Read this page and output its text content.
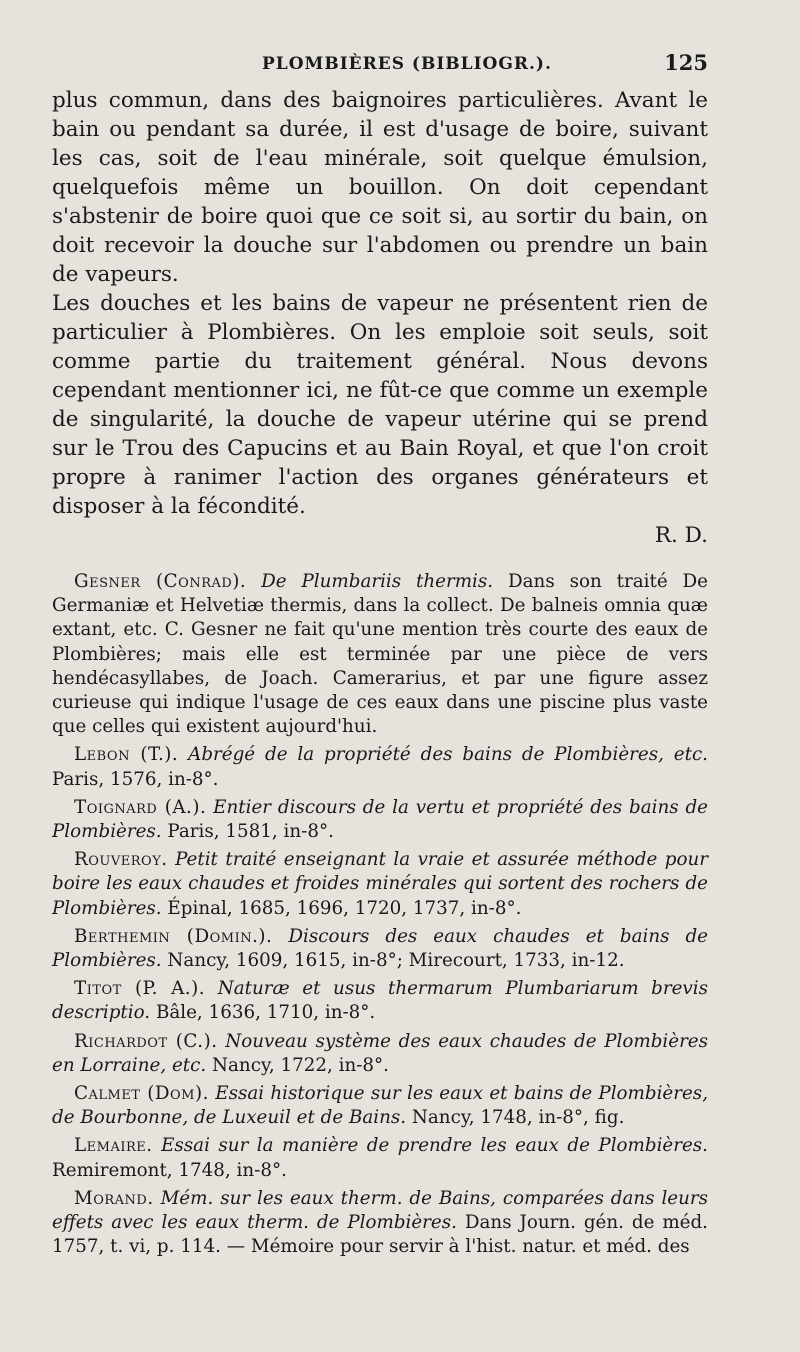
PLOMBIÈRES (BIBLIOGR.).	125

plus commun, dans des baignoires particulières. Avant le bain ou pendant sa durée, il est d'usage de boire, suivant les cas, soit de l'eau minérale, soit quelque émulsion, quelquefois même un bouillon. On doit cependant s'abstenir de boire quoi que ce soit si, au sortir du bain, on doit recevoir la douche sur l'abdomen ou prendre un bain de vapeurs.

Les douches et les bains de vapeur ne présentent rien de particulier à Plombières. On les emploie soit seuls, soit comme partie du traitement général. Nous devons cependant mentionner ici, ne fût-ce que comme un exemple de singularité, la douche de vapeur utérine qui se prend sur le Trou des Capucins et au Bain Royal, et que l'on croit propre à ranimer l'action des organes générateurs et disposer à la fécondité.

R. D.

Gesner (Conrad). De Plumbariis thermis. Dans son traité De Germaniæ et Helvetiæ thermis, dans la collect. De balneis omnia quæ extant, etc. C. Gesner ne fait qu'une mention très courte des eaux de Plombières; mais elle est terminée par une pièce de vers hendécasyllabes, de Joach. Camerarius, et par une figure assez curieuse qui indique l'usage de ces eaux dans une piscine plus vaste que celles qui existent aujourd'hui.

Lebon (T.). Abrégé de la propriété des bains de Plombières, etc. Paris, 1576, in-8°.

Toignard (A.). Entier discours de la vertu et propriété des bains de Plombières. Paris, 1581, in-8°.

Rouveroy. Petit traité enseignant la vraie et assurée méthode pour boire les eaux chaudes et froides minérales qui sortent des rochers de Plombières. Épinal, 1685, 1696, 1720, 1737, in-8°.

Berthemin (Domin.). Discours des eaux chaudes et bains de Plombières. Nancy, 1609, 1615, in-8°; Mirecourt, 1733, in-12.

Titot (P. A.). Naturæ et usus thermarum Plumbariarum brevis descriptio. Bâle, 1636, 1710, in-8°.

Richardot (C.). Nouveau système des eaux chaudes de Plombières en Lorraine, etc. Nancy, 1722, in-8°.

Calmet (Dom). Essai historique sur les eaux et bains de Plombières, de Bourbonne, de Luxeuil et de Bains. Nancy, 1748, in-8°, fig.

Lemaire. Essai sur la manière de prendre les eaux de Plombières. Remiremont, 1748, in-8°.

Morand. Mém. sur les eaux therm. de Bains, comparées dans leurs effets avec les eaux therm. de Plombières. Dans Journ. gén. de méd. 1757, t. vi, p. 114. — Mémoire pour servir à l'hist. natur. et méd. des
